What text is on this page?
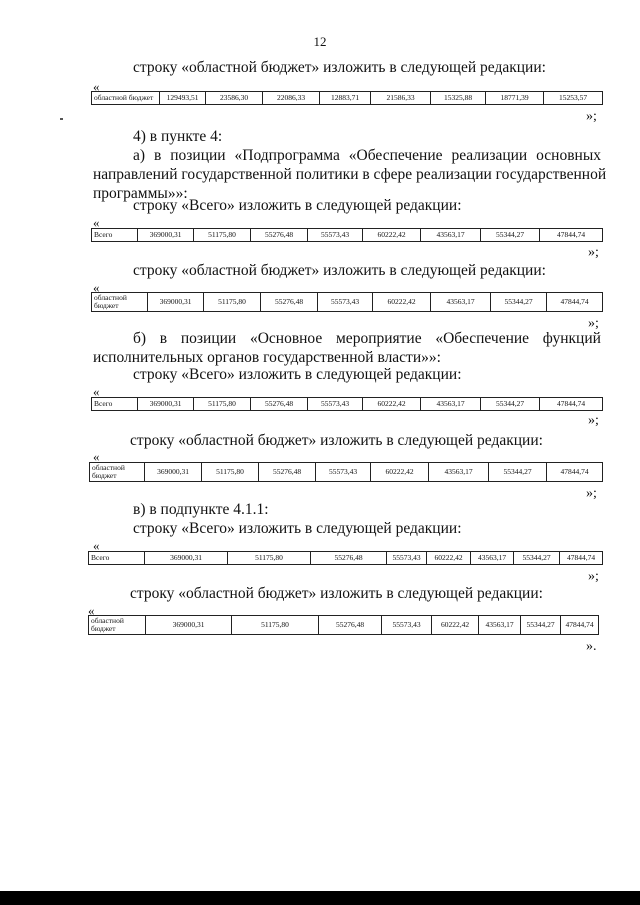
12
строку «областной бюджет» изложить в следующей редакции:
«
областной бюджет	129493,51	23586,30	22086,33	12883,71	21586,33	15325,88	18771,39	15253,57
»;
4) в пункте 4:
а) в позиции «Подпрограмма «Обеспечение реализации основных
направлений государственной политики в сфере реализации государственной
программы»»:
строку «Всего» изложить в следующей редакции:
«
Всего	369000,31	51175,80	55276,48	55573,43	60222,42	43563,17	55344,27	47844,74
»;
строку «областной бюджет» изложить в следующей редакции:
«
областной бюджет	369000,31	51175,80	55276,48	55573,43	60222,42	43563,17	55344,27	47844,74
»;
б) в позиции «Основное мероприятие «Обеспечение функций
исполнительных органов государственной власти»»:
строку «Всего» изложить в следующей редакции:
«
Всего	369000,31	51175,80	55276,48	55573,43	60222,42	43563,17	55344,27	47844,74
»;
строку «областной бюджет» изложить в следующей редакции:
«
областной бюджет	369000,31	51175,80	55276,48	55573,43	60222,42	43563,17	55344,27	47844,74
»;
в) в подпункте 4.1.1:
строку «Всего» изложить в следующей редакции:
«
Всего	369000,31	51175,80	55276,48	55573,43	60222,42	43563,17	55344,27	47844,74
»;
строку «областной бюджет» изложить в следующей редакции:
«
областной бюджет	369000,31	51175,80	55276,48	55573,43	60222,42	43563,17	55344,27	47844,74
».
